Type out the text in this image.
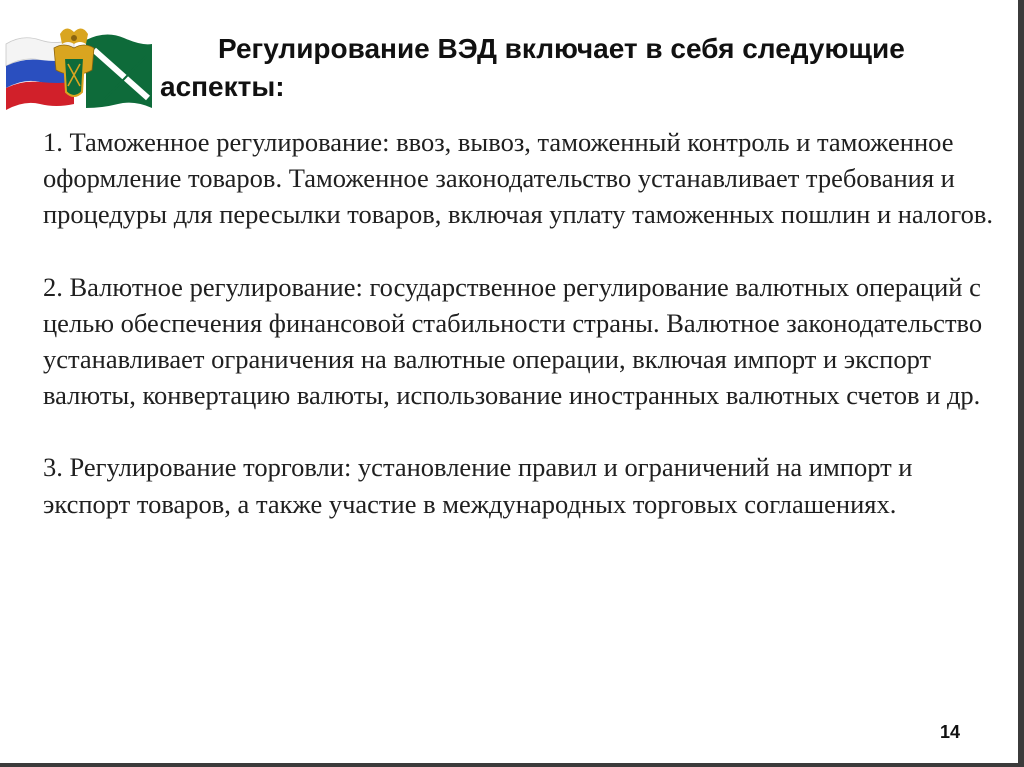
Регулирование ВЭД включает в себя следующие
аспекты:

1. Таможенное регулирование: ввоз, вывоз, таможенный контроль и таможенное оформление товаров. Таможенное законодательство устанавливает требования и процедуры для пересылки товаров, включая уплату таможенных пошлин и налогов.

2. Валютное регулирование: государственное регулирование валютных операций с целью обеспечения финансовой стабильности страны. Валютное законодательство устанавливает ограничения на валютные операции, включая импорт и экспорт валюты, конвертацию валюты, использование иностранных валютных счетов и др.

3. Регулирование торговли: установление правил и ограничений на импорт и экспорт товаров, а также участие в международных торговых соглашениях.

14
